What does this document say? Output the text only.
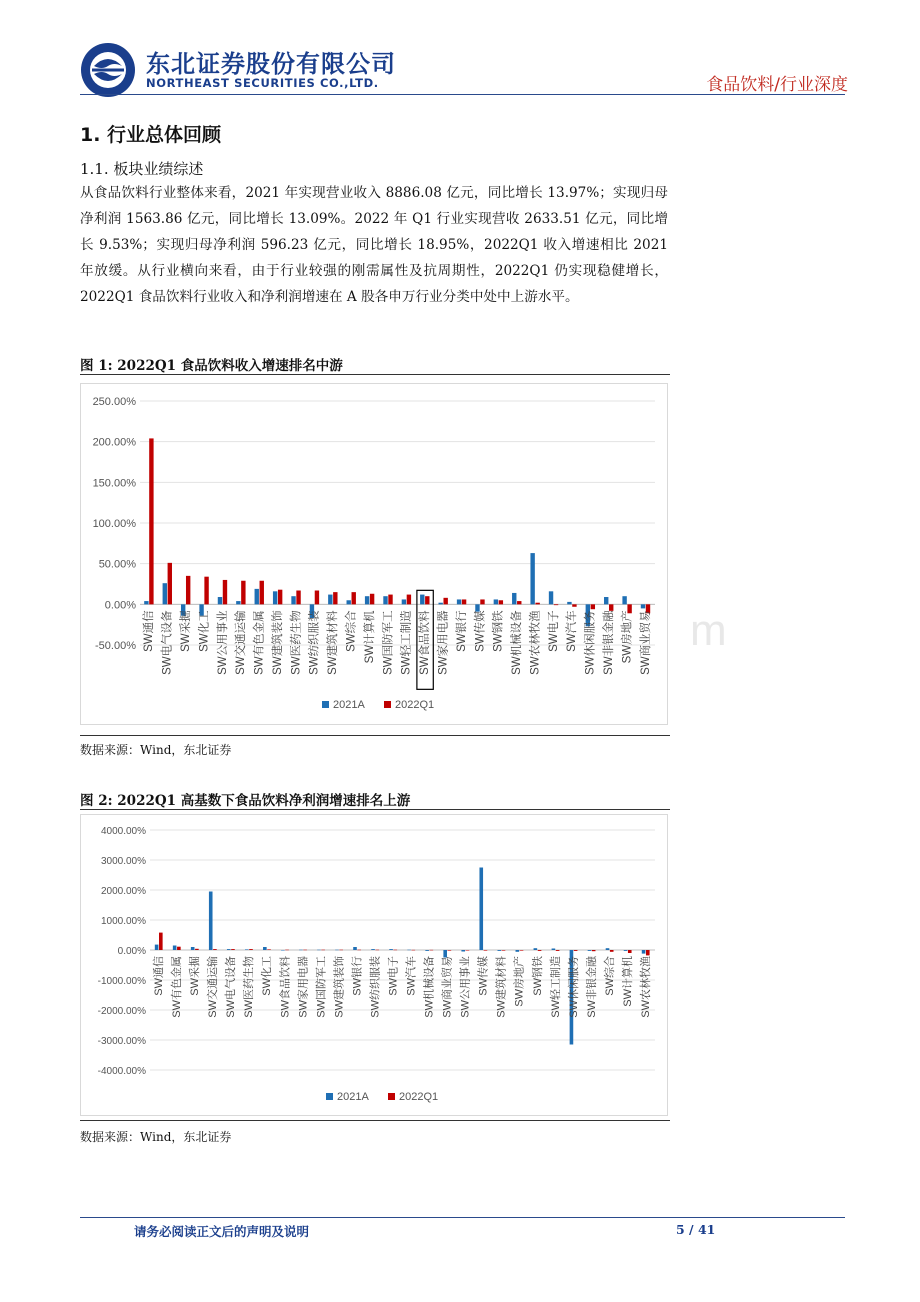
东北证券股份有限公司
NORTHEAST SECURITIES CO.,LTD.	食品饮料/行业深度
1. 行业总体回顾
1.1. 板块业绩综述
从食品饮料行业整体来看，2021 年实现营业收入 8886.08 亿元，同比增长 13.97%；实现归母净利润 1563.86 亿元，同比增长 13.09%。2022 年 Q1 行业实现营收 2633.51 亿元，同比增长 9.53%；实现归母净利润 596.23 亿元，同比增长 18.95%，2022Q1 收入增速相比 2021 年放缓。从行业横向来看，由于行业较强的刚需属性及抗周期性，2022Q1 仍实现稳健增长，2022Q1 食品饮料行业收入和净利润增速在 A 股各申万行业分类中处中上游水平。
图 1: 2022Q1 食品饮料收入增速排名中游
-50.00%
0.00%
50.00%
100.00%
150.00%
200.00%
250.00%
SW通信 SW电气设备 SW采掘 SW化工 SW公用事业 SW交通运输 SW有色金属 SW建筑装饰 SW医药生物 SW纺织服装 SW建筑材料 SW综合 SW计算机 SW国防军工 SW轻工制造 SW食品饮料 SW家用电器 SW银行 SW传媒 SW钢铁 SW机械设备 SW农林牧渔 SW电子 SW汽车 SW休闲服务 SW非银金融 SW房地产 SW商业贸易
2021A	2022Q1
数据来源：Wind，东北证券
图 2: 2022Q1 高基数下食品饮料净利润增速排名上游
-4000.00%
-3000.00%
-2000.00%
-1000.00%
0.00%
1000.00%
2000.00%
3000.00%
4000.00%
SW通信 SW有色金属 SW采掘 SW交通运输 SW电气设备 SW医药生物 SW化工 SW食品饮料 SW家用电器 SW国防军工 SW建筑装饰 SW银行 SW纺织服装 SW电子 SW汽车 SW机械设备 SW商业贸易 SW公用事业 SW传媒 SW建筑材料 SW房地产 SW钢铁 SW轻工制造 SW休闲服务 SW非银金融 SW综合 SW计算机 SW农林牧渔
2021A	2022Q1
数据来源：Wind，东北证券
m
请务必阅读正文后的声明及说明	5 / 41
